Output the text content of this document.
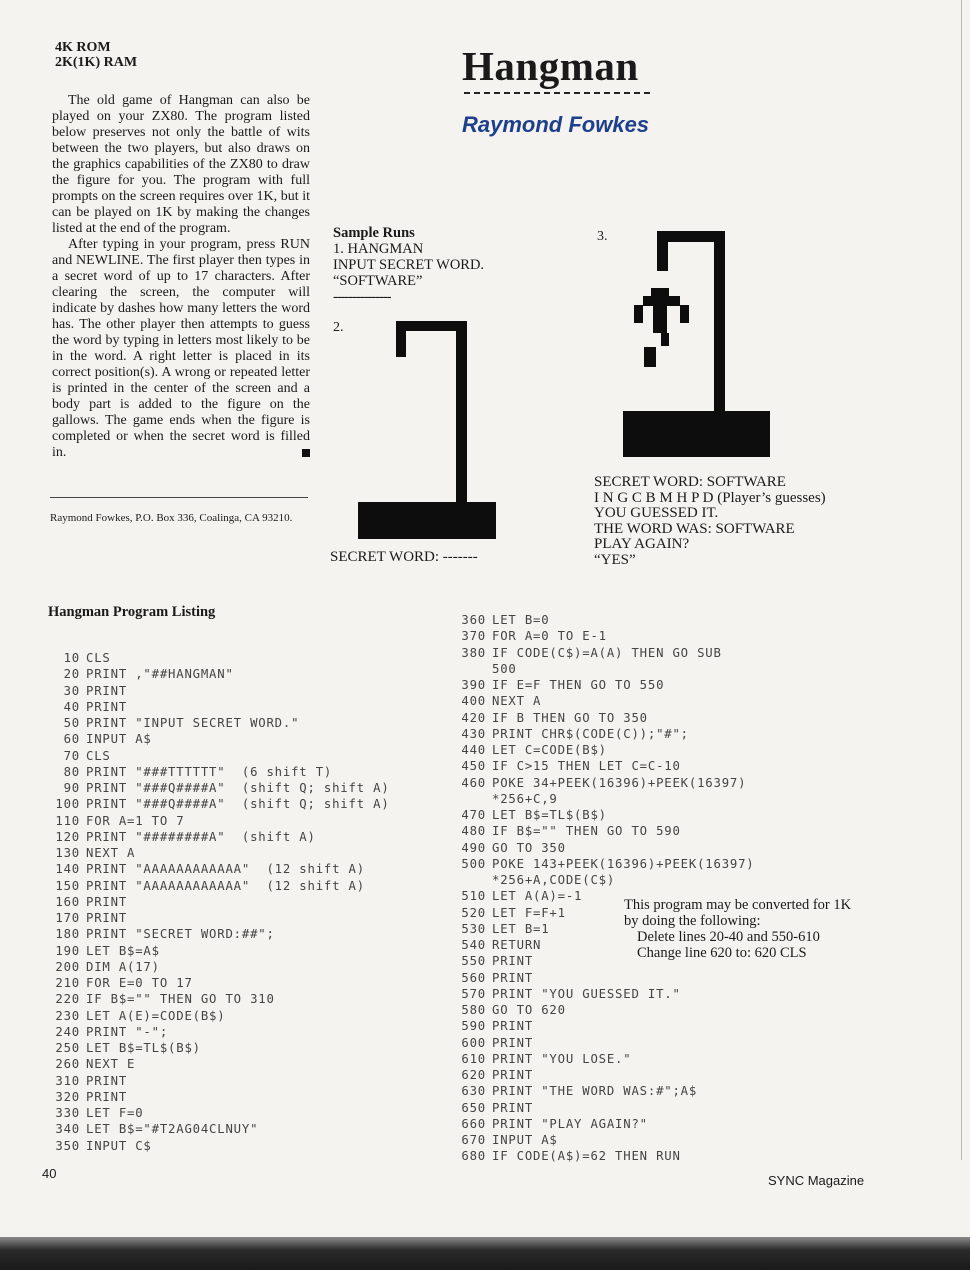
4K ROM
2K(1K) RAM	Hangman
Raymond Fowkes

The old game of Hangman can also be played on your ZX80. The program listed below preserves not only the battle of wits between the two players, but also draws on the graphics capabilities of the ZX80 to draw the figure for you. The program with full prompts on the screen requires over 1K, but it can be played on 1K by making the changes listed at the end of the program.

After typing in your program, press RUN and NEWLINE. The first player then types in a secret word of up to 17 characters. After clearing the screen, the computer will indicate by dashes how many letters the word has. The other player then attempts to guess the word by typing in letters most likely to be in the word. A right letter is placed in its correct position(s). A wrong or repeated letter is printed in the center of the screen and a body part is added to the figure on the gallows. The game ends when the figure is completed or when the secret word is filled in.

Raymond Fowkes, P.O. Box 336, Coalinga, CA 93210.
Sample Runs
1. HANGMAN
INPUT SECRET WORD.
“SOFTWARE”
---------------
2.
3.
SECRET WORD: -------
SECRET WORD: SOFTWARE
I N G C B M H P D (Player’s guesses)
YOU GUESSED IT.
THE WORD WAS: SOFTWARE
PLAY AGAIN?
“YES”
Hangman Program Listing
10 CLS
20 PRINT ,"##HANGMAN"
30 PRINT
40 PRINT
50 PRINT "INPUT SECRET WORD."
60 INPUT A$
70 CLS
80 PRINT "###TTTTTT"  (6 shift T)
90 PRINT "###Q####A"  (shift Q; shift A)
100 PRINT "###Q####A"  (shift Q; shift A)
110 FOR A=1 TO 7
120 PRINT "########A"  (shift A)
130 NEXT A
140 PRINT "AAAAAAAAAAAA"  (12 shift A)
150 PRINT "AAAAAAAAAAAA"  (12 shift A)
160 PRINT
170 PRINT
180 PRINT "SECRET WORD:##";
190 LET B$=A$
200 DIM A(17)
210 FOR E=0 TO 17
220 IF B$="" THEN GO TO 310
230 LET A(E)=CODE(B$)
240 PRINT "-";
250 LET B$=TL$(B$)
260 NEXT E
310 PRINT
320 PRINT
330 LET F=0
340 LET B$="#T2AG04CLNUY"
350 INPUT C$
360 LET B=0
370 FOR A=0 TO E-1
380 IF CODE(C$)=A(A) THEN GO SUB
500
390 IF E=F THEN GO TO 550
400 NEXT A
420 IF B THEN GO TO 350
430 PRINT CHR$(CODE(C));"#";
440 LET C=CODE(B$)
450 IF C>15 THEN LET C=C-10
460 POKE 34+PEEK(16396)+PEEK(16397)
*256+C,9
470 LET B$=TL$(B$)
480 IF B$="" THEN GO TO 590
490 GO TO 350
500 POKE 143+PEEK(16396)+PEEK(16397)
*256+A,CODE(C$)
510 LET A(A)=-1
520 LET F=F+1
530 LET B=1
540 RETURN
550 PRINT
560 PRINT
570 PRINT "YOU GUESSED IT."
580 GO TO 620
590 PRINT
600 PRINT
610 PRINT "YOU LOSE."
620 PRINT
630 PRINT "THE WORD WAS:#";A$
650 PRINT
660 PRINT "PLAY AGAIN?"
670 INPUT A$
680 IF CODE(A$)=62 THEN RUN
This program may be converted for 1K
by doing the following:
Delete lines 20-40 and 550-610
Change line 620 to: 620 CLS
40	SYNC Magazine
